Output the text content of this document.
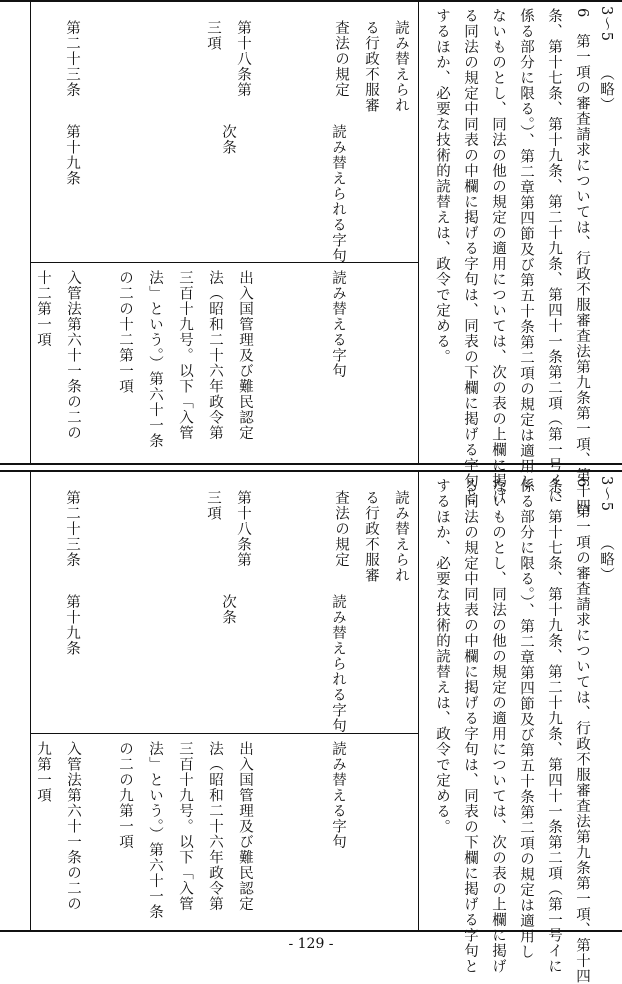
3～5
（略）
6　第一項の審査請求については、行政不服審査法第九条第一項、第十四
条、第十七条、第十九条、第二十九条、第四十一条第二項（第一号イに
係る部分に限る。）、第二章第四節及び第五十条第二項の規定は適用し
ないものとし、同法の他の規定の適用については、次の表の上欄に掲げ
る同法の規定中同表の中欄に掲げる字句は、同表の下欄に掲げる字句と
するほか、必要な技術的読替えは、政令で定める。
読み替えられる行政不服審査法の規定
読み替えられる字句
読み替える字句
第十八条第三項
次条
出入国管理及び難民認定法（昭和二十六年政令第三百十九号。以下「入管法」という。）第六十一条の二の十二第一項
第二十三条
第十九条
入管法第六十一条の二の十二第一項
3～5
（略）
6　第一項の審査請求については、行政不服審査法第九条第一項、第十四
条、第十七条、第十九条、第二十九条、第四十一条第二項（第一号イに
係る部分に限る。）、第二章第四節及び第五十条第二項の規定は適用し
ないものとし、同法の他の規定の適用については、次の表の上欄に掲げ
る同法の規定中同表の中欄に掲げる字句は、同表の下欄に掲げる字句と
するほか、必要な技術的読替えは、政令で定める。
読み替えられる行政不服審査法の規定
読み替えられる字句
読み替える字句
第十八条第三項
次条
出入国管理及び難民認定法（昭和二十六年政令第三百十九号。以下「入管法」という。）第六十一条の二の九第一項
第二十三条
第十九条
入管法第六十一条の二の九第一項
- 129 -
